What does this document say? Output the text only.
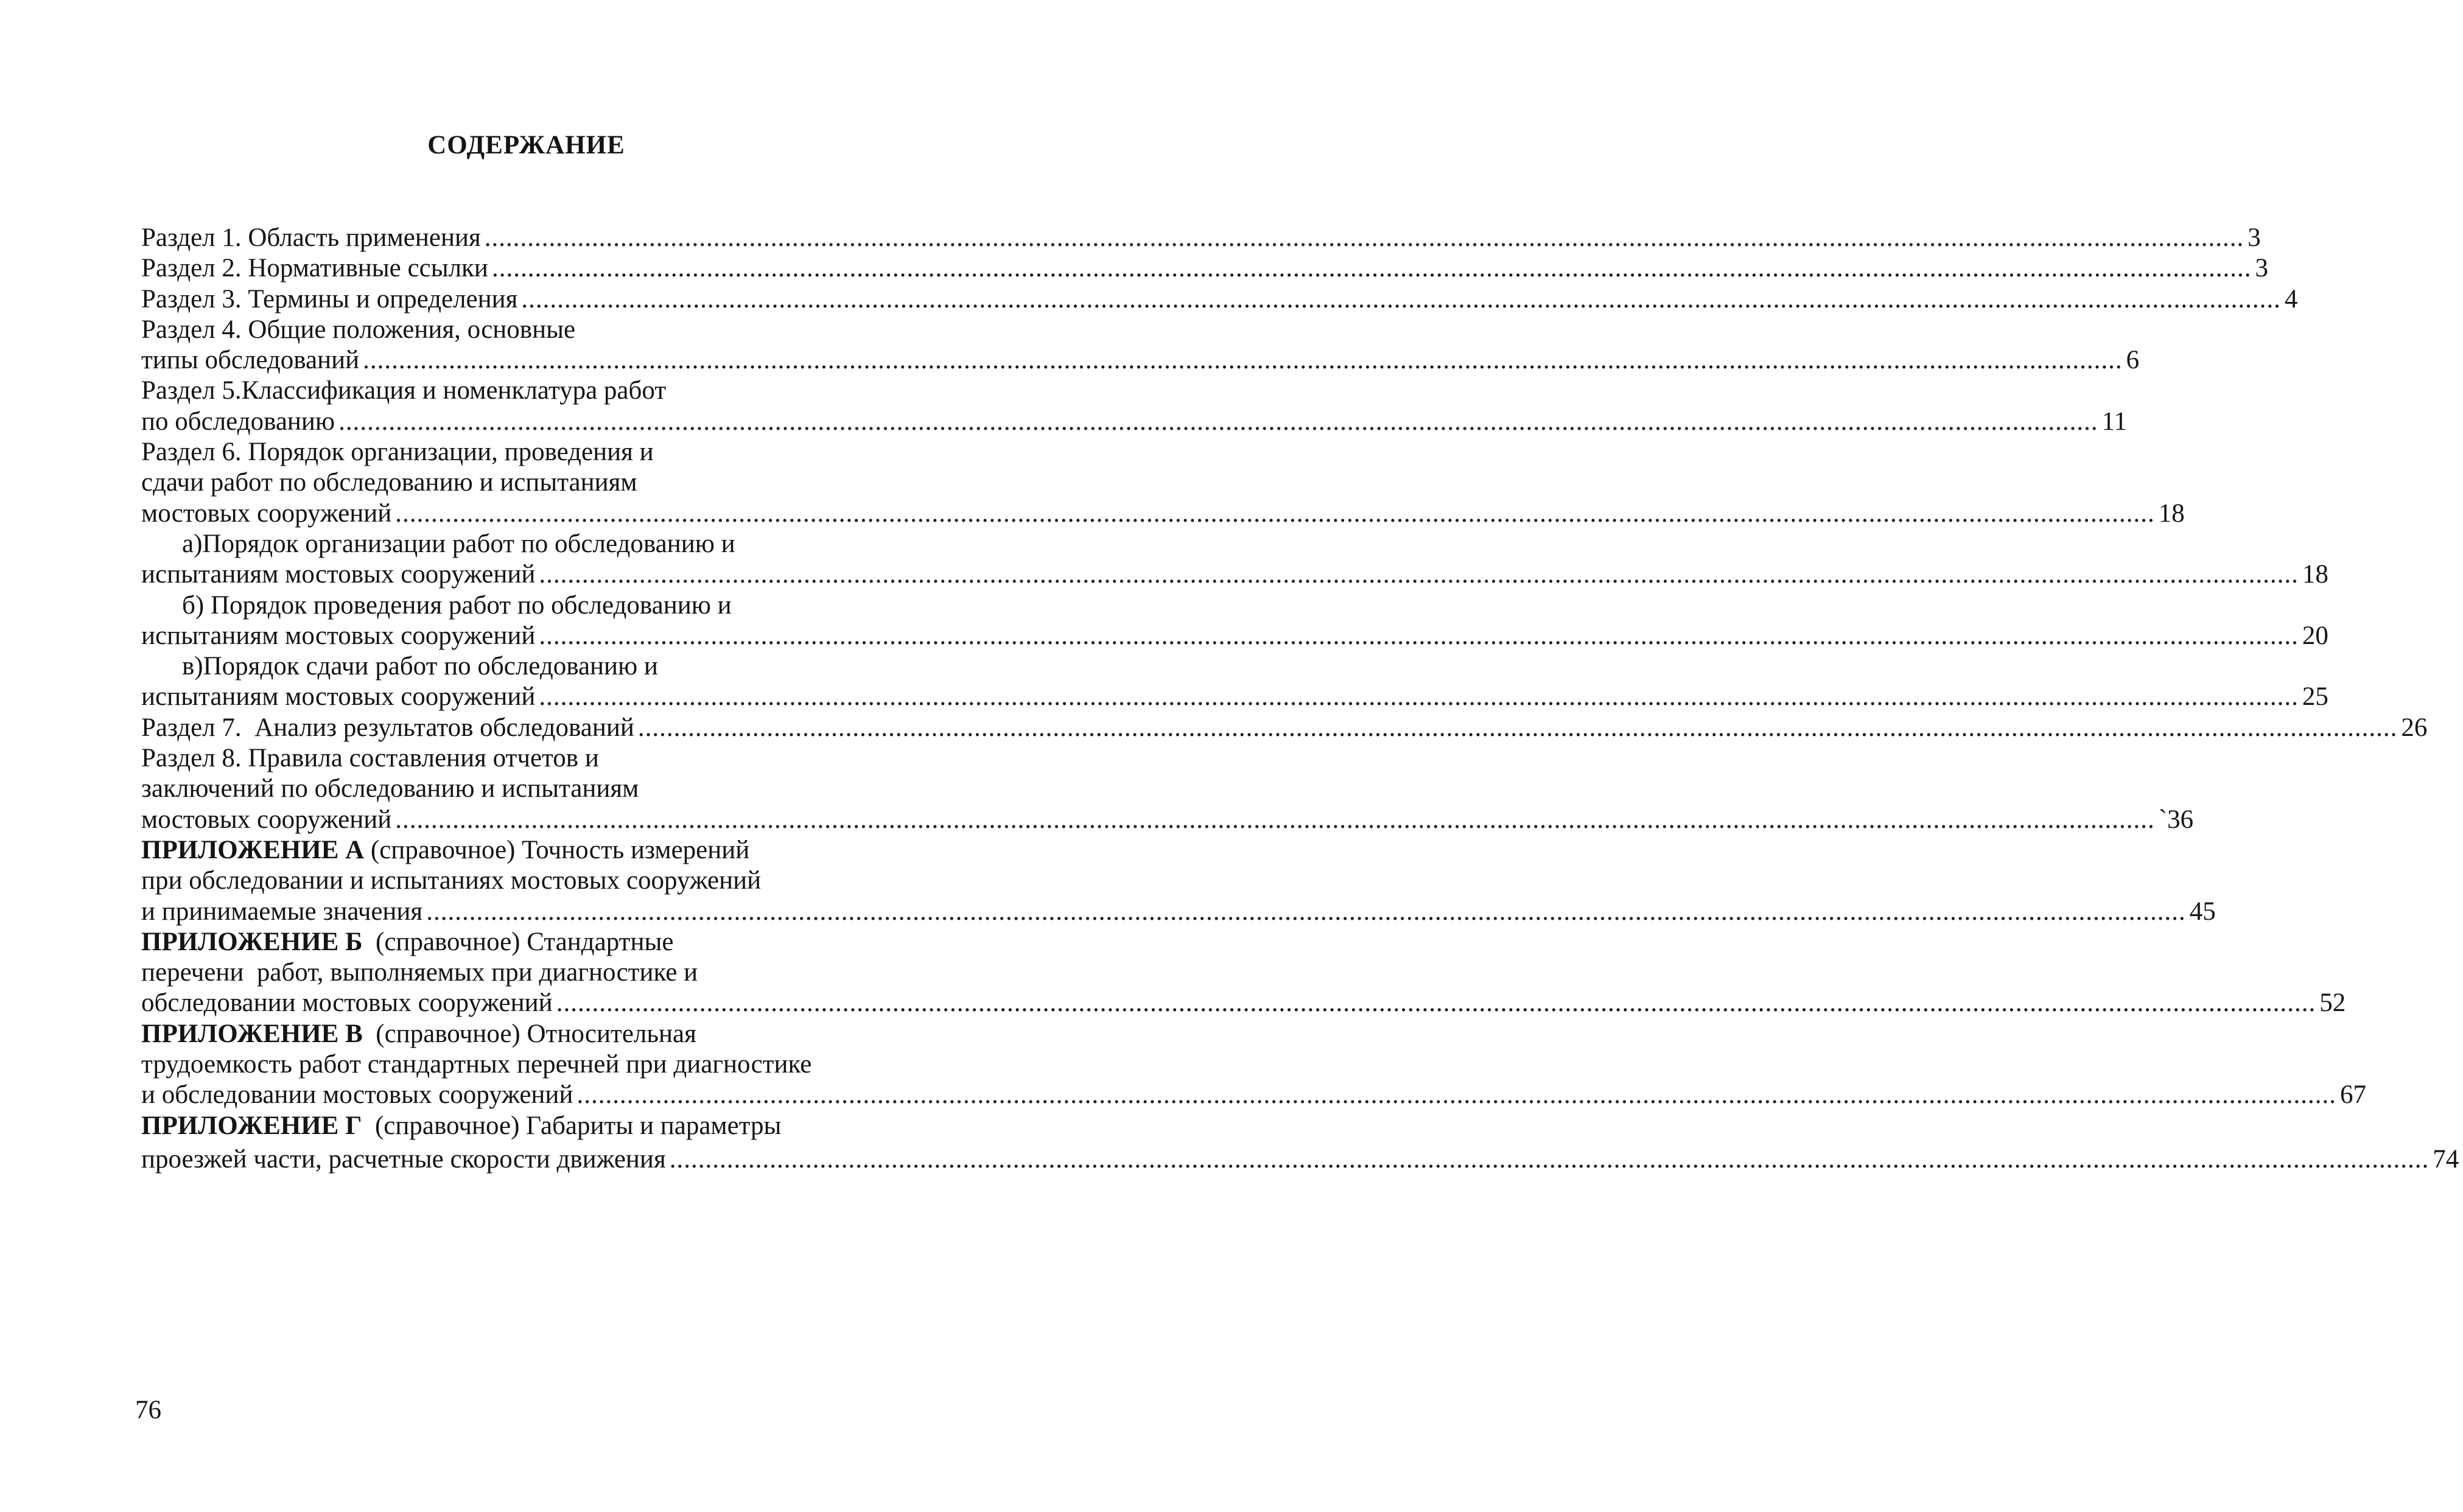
СОДЕРЖАНИЕ
Раздел 1. Область применения .....	3
Раздел 2. Нормативные ссылки .....	3
Раздел 3. Термины и определения .....	4
Раздел 4. Общие положения, основные
типы обследований .....	6
Раздел 5.Классификация и номенклатура работ
по обследованию .....	11
Раздел 6. Порядок организации, проведения и
сдачи работ по обследованию и испытаниям
мостовых сооружений .....	18
а)Порядок организации работ по обследованию и
испытаниям мостовых сооружений .....	18
б) Порядок проведения работ по обследованию и
испытаниям мостовых сооружений .....	20
в)Порядок сдачи работ по обследованию и
испытаниям мостовых сооружений .....	25
Раздел 7. Анализ результатов обследований .....	26
Раздел 8. Правила составления отчетов и
заключений по обследованию и испытаниям
мостовых сооружений .....	`36
ПРИЛОЖЕНИЕ А (справочное) Точность измерений
при обследовании и испытаниях мостовых сооружений
и принимаемые значения .....	45
ПРИЛОЖЕНИЕ Б (справочное) Стандартные
перечени  работ, выполняемых при диагностике и
обследовании мостовых сооружений .....	52
ПРИЛОЖЕНИЕ В (справочное) Относительная
трудоемкость работ стандартных перечней при диагностике
и обследовании мостовых сооружений .....	67
ПРИЛОЖЕНИЕ Г (справочное) Габариты и параметры
проезжей части, расчетные скорости движения .....	74
76
